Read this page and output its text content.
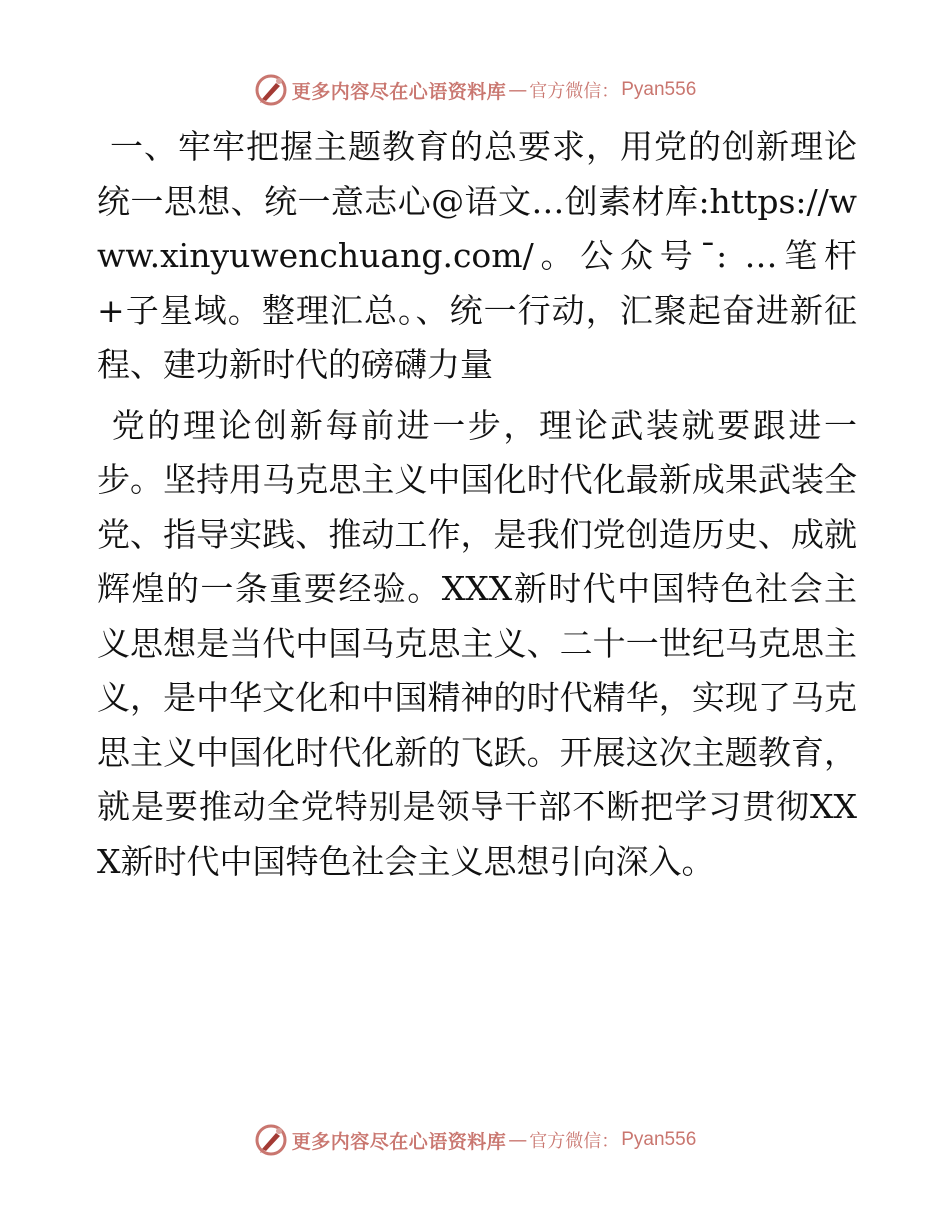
更多内容尽在心语资料库 — 官方微信： Pyan556

一、牢牢把握主题教育的总要求，用党的创新理论统一思想、统一意志心@语文…创素材库:https://www.xinyuwenchuang.com/。公众号¯: …笔杆+子星域。整理汇总。、统一行动，汇聚起奋进新征程、建功新时代的磅礴力量

党的理论创新每前进一步，理论武装就要跟进一步。坚持用马克思主义中国化时代化最新成果武装全党、指导实践、推动工作，是我们党创造历史、成就辉煌的一条重要经验。XXX新时代中国特色社会主义思想是当代中国马克思主义、二十一世纪马克思主义，是中华文化和中国精神的时代精华，实现了马克思主义中国化时代化新的飞跃。开展这次主题教育，就是要推动全党特别是领导干部不断把学习贯彻XXX新时代中国特色社会主义思想引向深入。

更多内容尽在心语资料库 — 官方微信： Pyan556
